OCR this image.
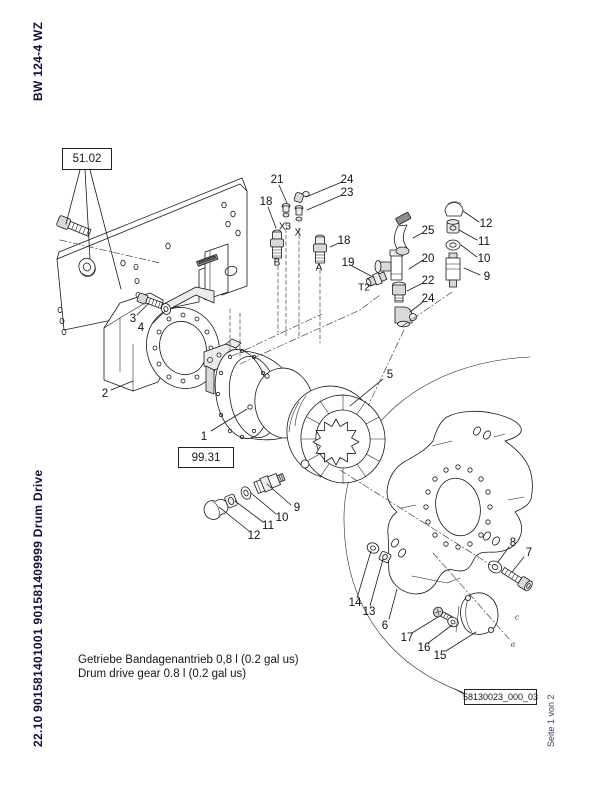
BW 124-4 WZ
22.10 901581401001 901581409999 Drum Drive	Seite 1 von 2
51.02
99.31
58130023_000_03
Getriebe Bandagenantrieb 0,8 l (0.2 gal us)
Drum drive gear 0.8 l (0.2 gal us)
1
2
3
4
5
6
7
8
9
10
11
12
9
10
11
12
13
14
15
16
17
18
18
19	20
21
22
23
24
24
25
X3
X
B	A
T2
c
a
